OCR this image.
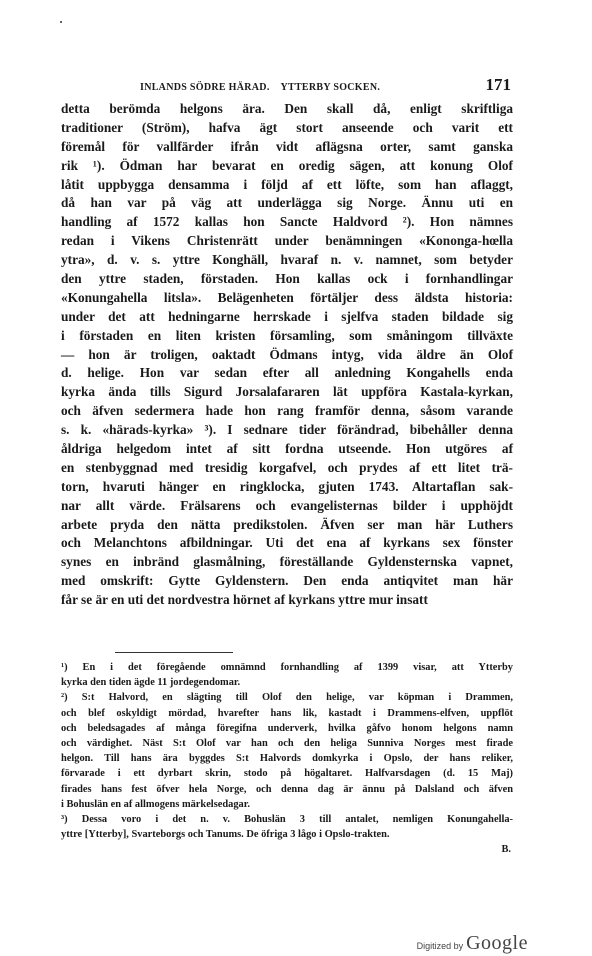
INLANDS SÖDRE HÄRAD.    YTTERBY SOCKEN.	171
detta berömda helgons ära. Den skall då, enligt skriftliga
traditioner (Ström), hafva ägt stort anseende och varit ett
föremål för vallfärder ifrån vidt aflägsna orter, samt ganska
rik ¹). Ödman har bevarat en oredig sägen, att konung Olof
låtit uppbygga densamma i följd af ett löfte, som han aflaggt,
då han var på väg att underlägga sig Norge. Ännu uti en
handling af 1572 kallas hon Sancte Haldvord ²). Hon nämnes
redan i Vikens Christenrätt under benämningen «Kononga-hœlla
ytra», d. v. s. yttre Konghäll, hvaraf n. v. namnet, som betyder
den yttre staden, förstaden. Hon kallas ock i fornhandlingar
«Konungahella litsla». Belägenheten förtäljer dess äldsta historia:
under det att hedningarne herrskade i sjelfva staden bildade sig
i förstaden en liten kristen församling, som småningom tillväxte
— hon är troligen, oaktadt Ödmans intyg, vida äldre än Olof
d. helige. Hon var sedan efter all anledning Kongahells enda
kyrka ända tills Sigurd Jorsalafararen lät uppföra Kastala-kyrkan,
och äfven sedermera hade hon rang framför denna, såsom varande
s. k. «härads-kyrka» ³). I sednare tider förändrad, bibehåller denna
åldriga helgedom intet af sitt fordna utseende. Hon utgöres af
en stenbyggnad med tresidig korgafvel, och prydes af ett litet trä-
torn, hvaruti hänger en ringklocka, gjuten 1743. Altartaflan sak-
nar allt värde. Frälsarens och evangelisternas bilder i upphöjdt
arbete pryda den nätta predikstolen. Äfven ser man här Luthers
och Melanchtons afbildningar. Uti det ena af kyrkans sex fönster
synes en inbränd glasmålning, föreställande Gyldensternska vapnet,
med omskrift: Gytte Gyldenstern. Den enda antiqvitet man här
får se är en uti det nordvestra hörnet af kyrkans yttre mur insatt
¹) En i det föregående omnämnd fornhandling af 1399 visar, att Ytterby
kyrka den tiden ägde 11 jordegendomar.
²) S:t Halvord, en slägting till Olof den helige, var köpman i Drammen,
och blef oskyldigt mördad, hvarefter hans lik, kastadt i Drammens-elfven, uppflöt
och beledsagades af många föregifna underverk, hvilka gåfvo honom helgons namn
och värdighet. Näst S:t Olof var han och den heliga Sunniva Norges mest firade
helgon. Till hans ära byggdes S:t Halvords domkyrka i Opslo, der hans reliker,
förvarade i ett dyrbart skrin, stodo på högaltaret. Halfvarsdagen (d. 15 Maj)
firades hans fest öfver hela Norge, och denna dag är ännu på Dalsland och äfven
i Bohuslän en af allmogens märkelsedagar.
³) Dessa voro i det n. v. Bohuslän 3 till antalet, nemligen Konungahella-
yttre [Ytterby], Svarteborgs och Tanums. De öfriga 3 lågo i Opslo-trakten.
B.
Digitized by Google
